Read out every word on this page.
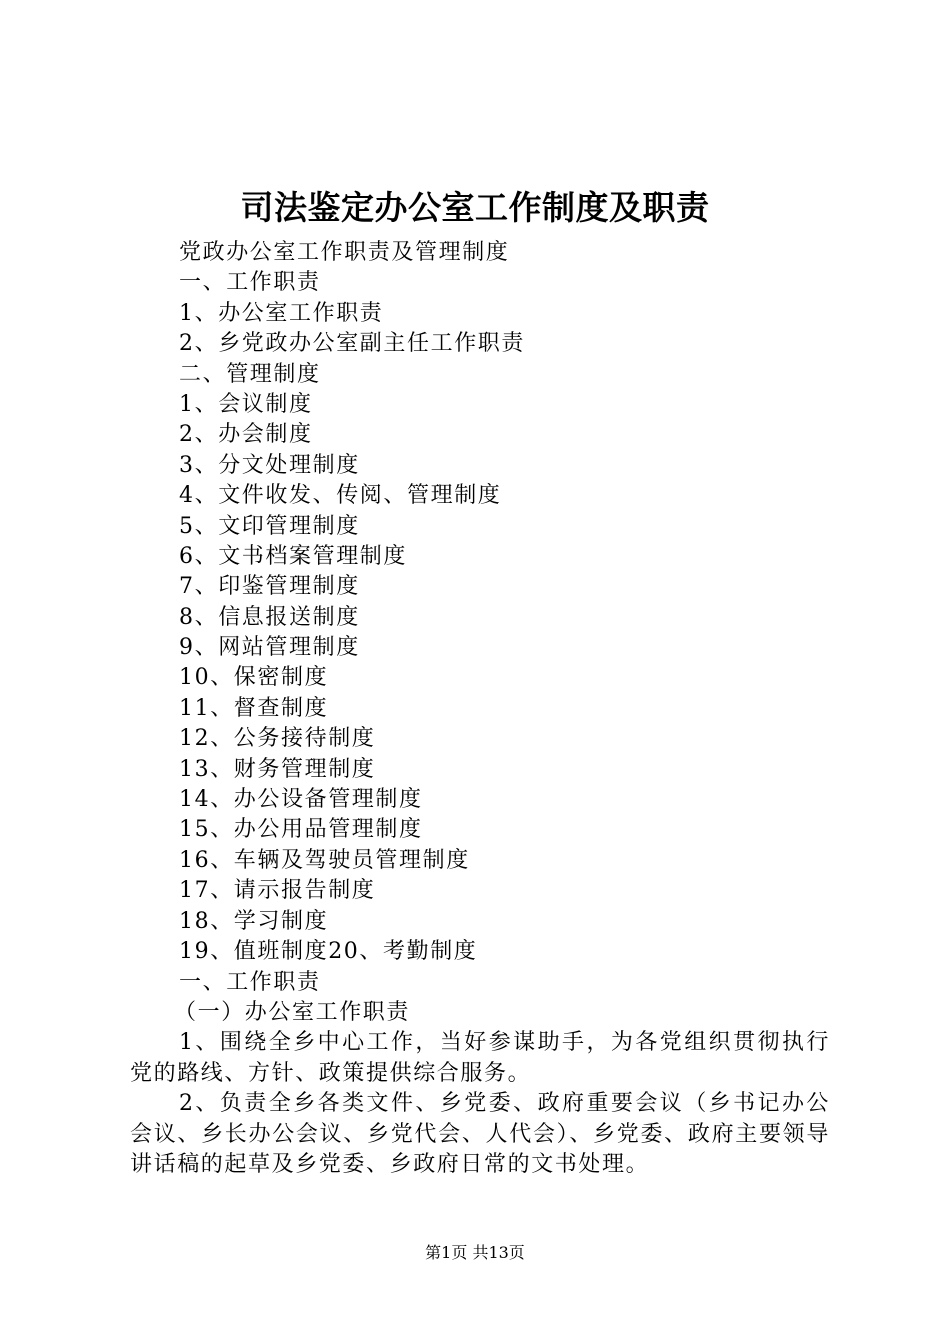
司法鉴定办公室工作制度及职责
党政办公室工作职责及管理制度
一、工作职责
1、办公室工作职责
2、乡党政办公室副主任工作职责
二、管理制度
1、会议制度
2、办会制度
3、分文处理制度
4、文件收发、传阅、管理制度
5、文印管理制度
6、文书档案管理制度
7、印鉴管理制度
8、信息报送制度
9、网站管理制度
10、保密制度
11、督查制度
12、公务接待制度
13、财务管理制度
14、办公设备管理制度
15、办公用品管理制度
16、车辆及驾驶员管理制度
17、请示报告制度
18、学习制度
19、值班制度20、考勤制度
一、工作职责
（一）办公室工作职责

1、围绕全乡中心工作，当好参谋助手，为各党组织贯彻执行党的路线、方针、政策提供综合服务。

2、负责全乡各类文件、乡党委、政府重要会议（乡书记办公会议、乡长办公会议、乡党代会、人代会）、乡党委、政府主要领导讲话稿的起草及乡党委、乡政府日常的文书处理。

第1页 共13页
